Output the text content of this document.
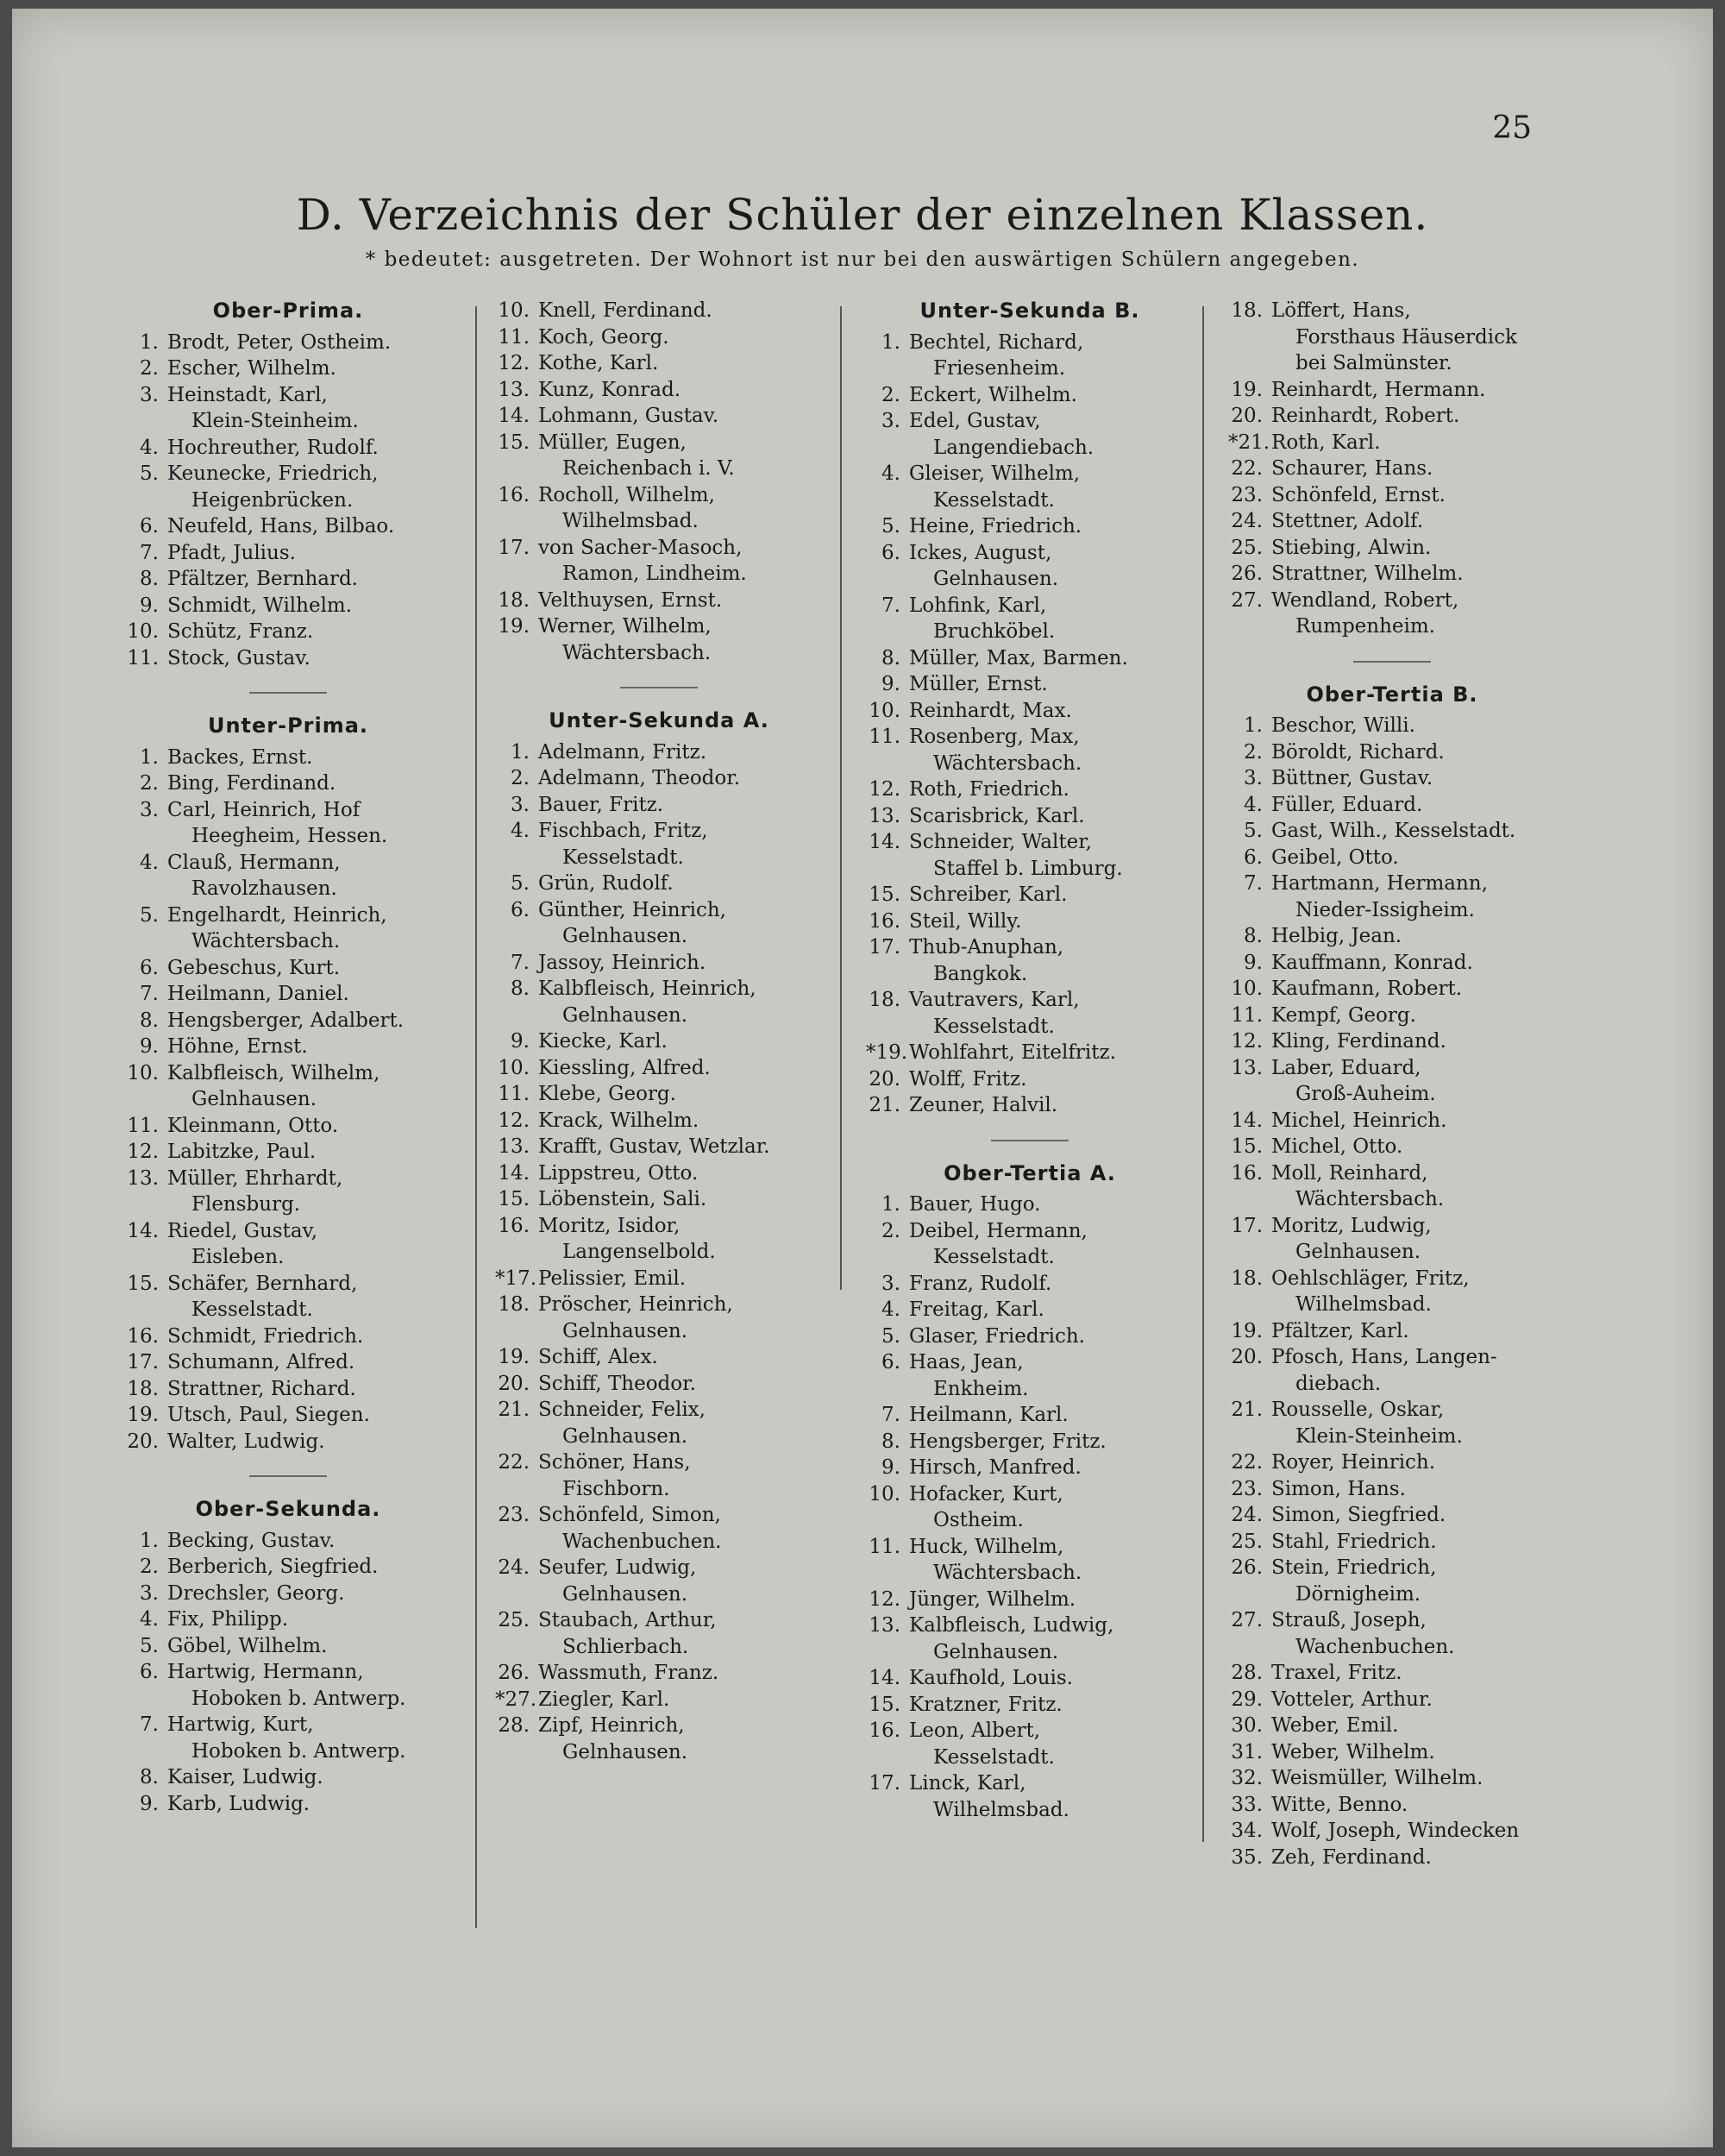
25
D. Verzeichnis der Schüler der einzelnen Klassen.
* bedeutet: ausgetreten. Der Wohnort ist nur bei den auswärtigen Schülern angegeben.
Ober-Prima.
1. Brodt, Peter, Ostheim.
2. Escher, Wilhelm.
3. Heinstadt, Karl,
Klein-Steinheim.
4. Hochreuther, Rudolf.
5. Keunecke, Friedrich,
Heigenbrücken.
6. Neufeld, Hans, Bilbao.
7. Pfadt, Julius.
8. Pfältzer, Bernhard.
9. Schmidt, Wilhelm.
10. Schütz, Franz.
11. Stock, Gustav.
Unter-Prima.
1. Backes, Ernst.
2. Bing, Ferdinand.
3. Carl, Heinrich, Hof
Heegheim, Hessen.
4. Clauß, Hermann,
Ravolzhausen.
5. Engelhardt, Heinrich,
Wächtersbach.
6. Gebeschus, Kurt.
7. Heilmann, Daniel.
8. Hengsberger, Adalbert.
9. Höhne, Ernst.
10. Kalbfleisch, Wilhelm,
Gelnhausen.
11. Kleinmann, Otto.
12. Labitzke, Paul.
13. Müller, Ehrhardt,
Flensburg.
14. Riedel, Gustav,
Eisleben.
15. Schäfer, Bernhard,
Kesselstadt.
16. Schmidt, Friedrich.
17. Schumann, Alfred.
18. Strattner, Richard.
19. Utsch, Paul, Siegen.
20. Walter, Ludwig.
Ober-Sekunda.
1. Becking, Gustav.
2. Berberich, Siegfried.
3. Drechsler, Georg.
4. Fix, Philipp.
5. Göbel, Wilhelm.
6. Hartwig, Hermann,
Hoboken b. Antwerp.
7. Hartwig, Kurt,
Hoboken b. Antwerp.
8. Kaiser, Ludwig.
9. Karb, Ludwig.
10. Knell, Ferdinand.
11. Koch, Georg.
12. Kothe, Karl.
13. Kunz, Konrad.
14. Lohmann, Gustav.
15. Müller, Eugen,
Reichenbach i. V.
16. Rocholl, Wilhelm,
Wilhelmsbad.
17. von Sacher-Masoch,
Ramon, Lindheim.
18. Velthuysen, Ernst.
19. Werner, Wilhelm,
Wächtersbach.
Unter-Sekunda A.
1. Adelmann, Fritz.
2. Adelmann, Theodor.
3. Bauer, Fritz.
4. Fischbach, Fritz,
Kesselstadt.
5. Grün, Rudolf.
6. Günther, Heinrich,
Gelnhausen.
7. Jassoy, Heinrich.
8. Kalbfleisch, Heinrich,
Gelnhausen.
9. Kiecke, Karl.
10. Kiessling, Alfred.
11. Klebe, Georg.
12. Krack, Wilhelm.
13. Krafft, Gustav, Wetzlar.
14. Lippstreu, Otto.
15. Löbenstein, Sali.
16. Moritz, Isidor,
Langenselbold.
*17. Pelissier, Emil.
18. Pröscher, Heinrich,
Gelnhausen.
19. Schiff, Alex.
20. Schiff, Theodor.
21. Schneider, Felix,
Gelnhausen.
22. Schöner, Hans,
Fischborn.
23. Schönfeld, Simon,
Wachenbuchen.
24. Seufer, Ludwig,
Gelnhausen.
25. Staubach, Arthur,
Schlierbach.
26. Wassmuth, Franz.
*27. Ziegler, Karl.
28. Zipf, Heinrich,
Gelnhausen.
Unter-Sekunda B.
1. Bechtel, Richard,
Friesenheim.
2. Eckert, Wilhelm.
3. Edel, Gustav,
Langendiebach.
4. Gleiser, Wilhelm,
Kesselstadt.
5. Heine, Friedrich.
6. Ickes, August,
Gelnhausen.
7. Lohfink, Karl,
Bruchköbel.
8. Müller, Max, Barmen.
9. Müller, Ernst.
10. Reinhardt, Max.
11. Rosenberg, Max,
Wächtersbach.
12. Roth, Friedrich.
13. Scarisbrick, Karl.
14. Schneider, Walter,
Staffel b. Limburg.
15. Schreiber, Karl.
16. Steil, Willy.
17. Thub-Anuphan,
Bangkok.
18. Vautravers, Karl,
Kesselstadt.
*19. Wohlfahrt, Eitelfritz.
20. Wolff, Fritz.
21. Zeuner, Halvil.
Ober-Tertia A.
1. Bauer, Hugo.
2. Deibel, Hermann,
Kesselstadt.
3. Franz, Rudolf.
4. Freitag, Karl.
5. Glaser, Friedrich.
6. Haas, Jean,
Enkheim.
7. Heilmann, Karl.
8. Hengsberger, Fritz.
9. Hirsch, Manfred.
10. Hofacker, Kurt,
Ostheim.
11. Huck, Wilhelm,
Wächtersbach.
12. Jünger, Wilhelm.
13. Kalbfleisch, Ludwig,
Gelnhausen.
14. Kaufhold, Louis.
15. Kratzner, Fritz.
16. Leon, Albert,
Kesselstadt.
17. Linck, Karl,
Wilhelmsbad.
18. Löffert, Hans,
Forsthaus Häuserdick
bei Salmünster.
19. Reinhardt, Hermann.
20. Reinhardt, Robert.
*21. Roth, Karl.
22. Schaurer, Hans.
23. Schönfeld, Ernst.
24. Stettner, Adolf.
25. Stiebing, Alwin.
26. Strattner, Wilhelm.
27. Wendland, Robert,
Rumpenheim.
Ober-Tertia B.
1. Beschor, Willi.
2. Böroldt, Richard.
3. Büttner, Gustav.
4. Füller, Eduard.
5. Gast, Wilh., Kesselstadt.
6. Geibel, Otto.
7. Hartmann, Hermann,
Nieder-Issigheim.
8. Helbig, Jean.
9. Kauffmann, Konrad.
10. Kaufmann, Robert.
11. Kempf, Georg.
12. Kling, Ferdinand.
13. Laber, Eduard,
Groß-Auheim.
14. Michel, Heinrich.
15. Michel, Otto.
16. Moll, Reinhard,
Wächtersbach.
17. Moritz, Ludwig,
Gelnhausen.
18. Oehlschläger, Fritz,
Wilhelmsbad.
19. Pfältzer, Karl.
20. Pfosch, Hans, Langen-
diebach.
21. Rousselle, Oskar,
Klein-Steinheim.
22. Royer, Heinrich.
23. Simon, Hans.
24. Simon, Siegfried.
25. Stahl, Friedrich.
26. Stein, Friedrich,
Dörnigheim.
27. Strauß, Joseph,
Wachenbuchen.
28. Traxel, Fritz.
29. Votteler, Arthur.
30. Weber, Emil.
31. Weber, Wilhelm.
32. Weismüller, Wilhelm.
33. Witte, Benno.
34. Wolf, Joseph, Windecken
35. Zeh, Ferdinand.
